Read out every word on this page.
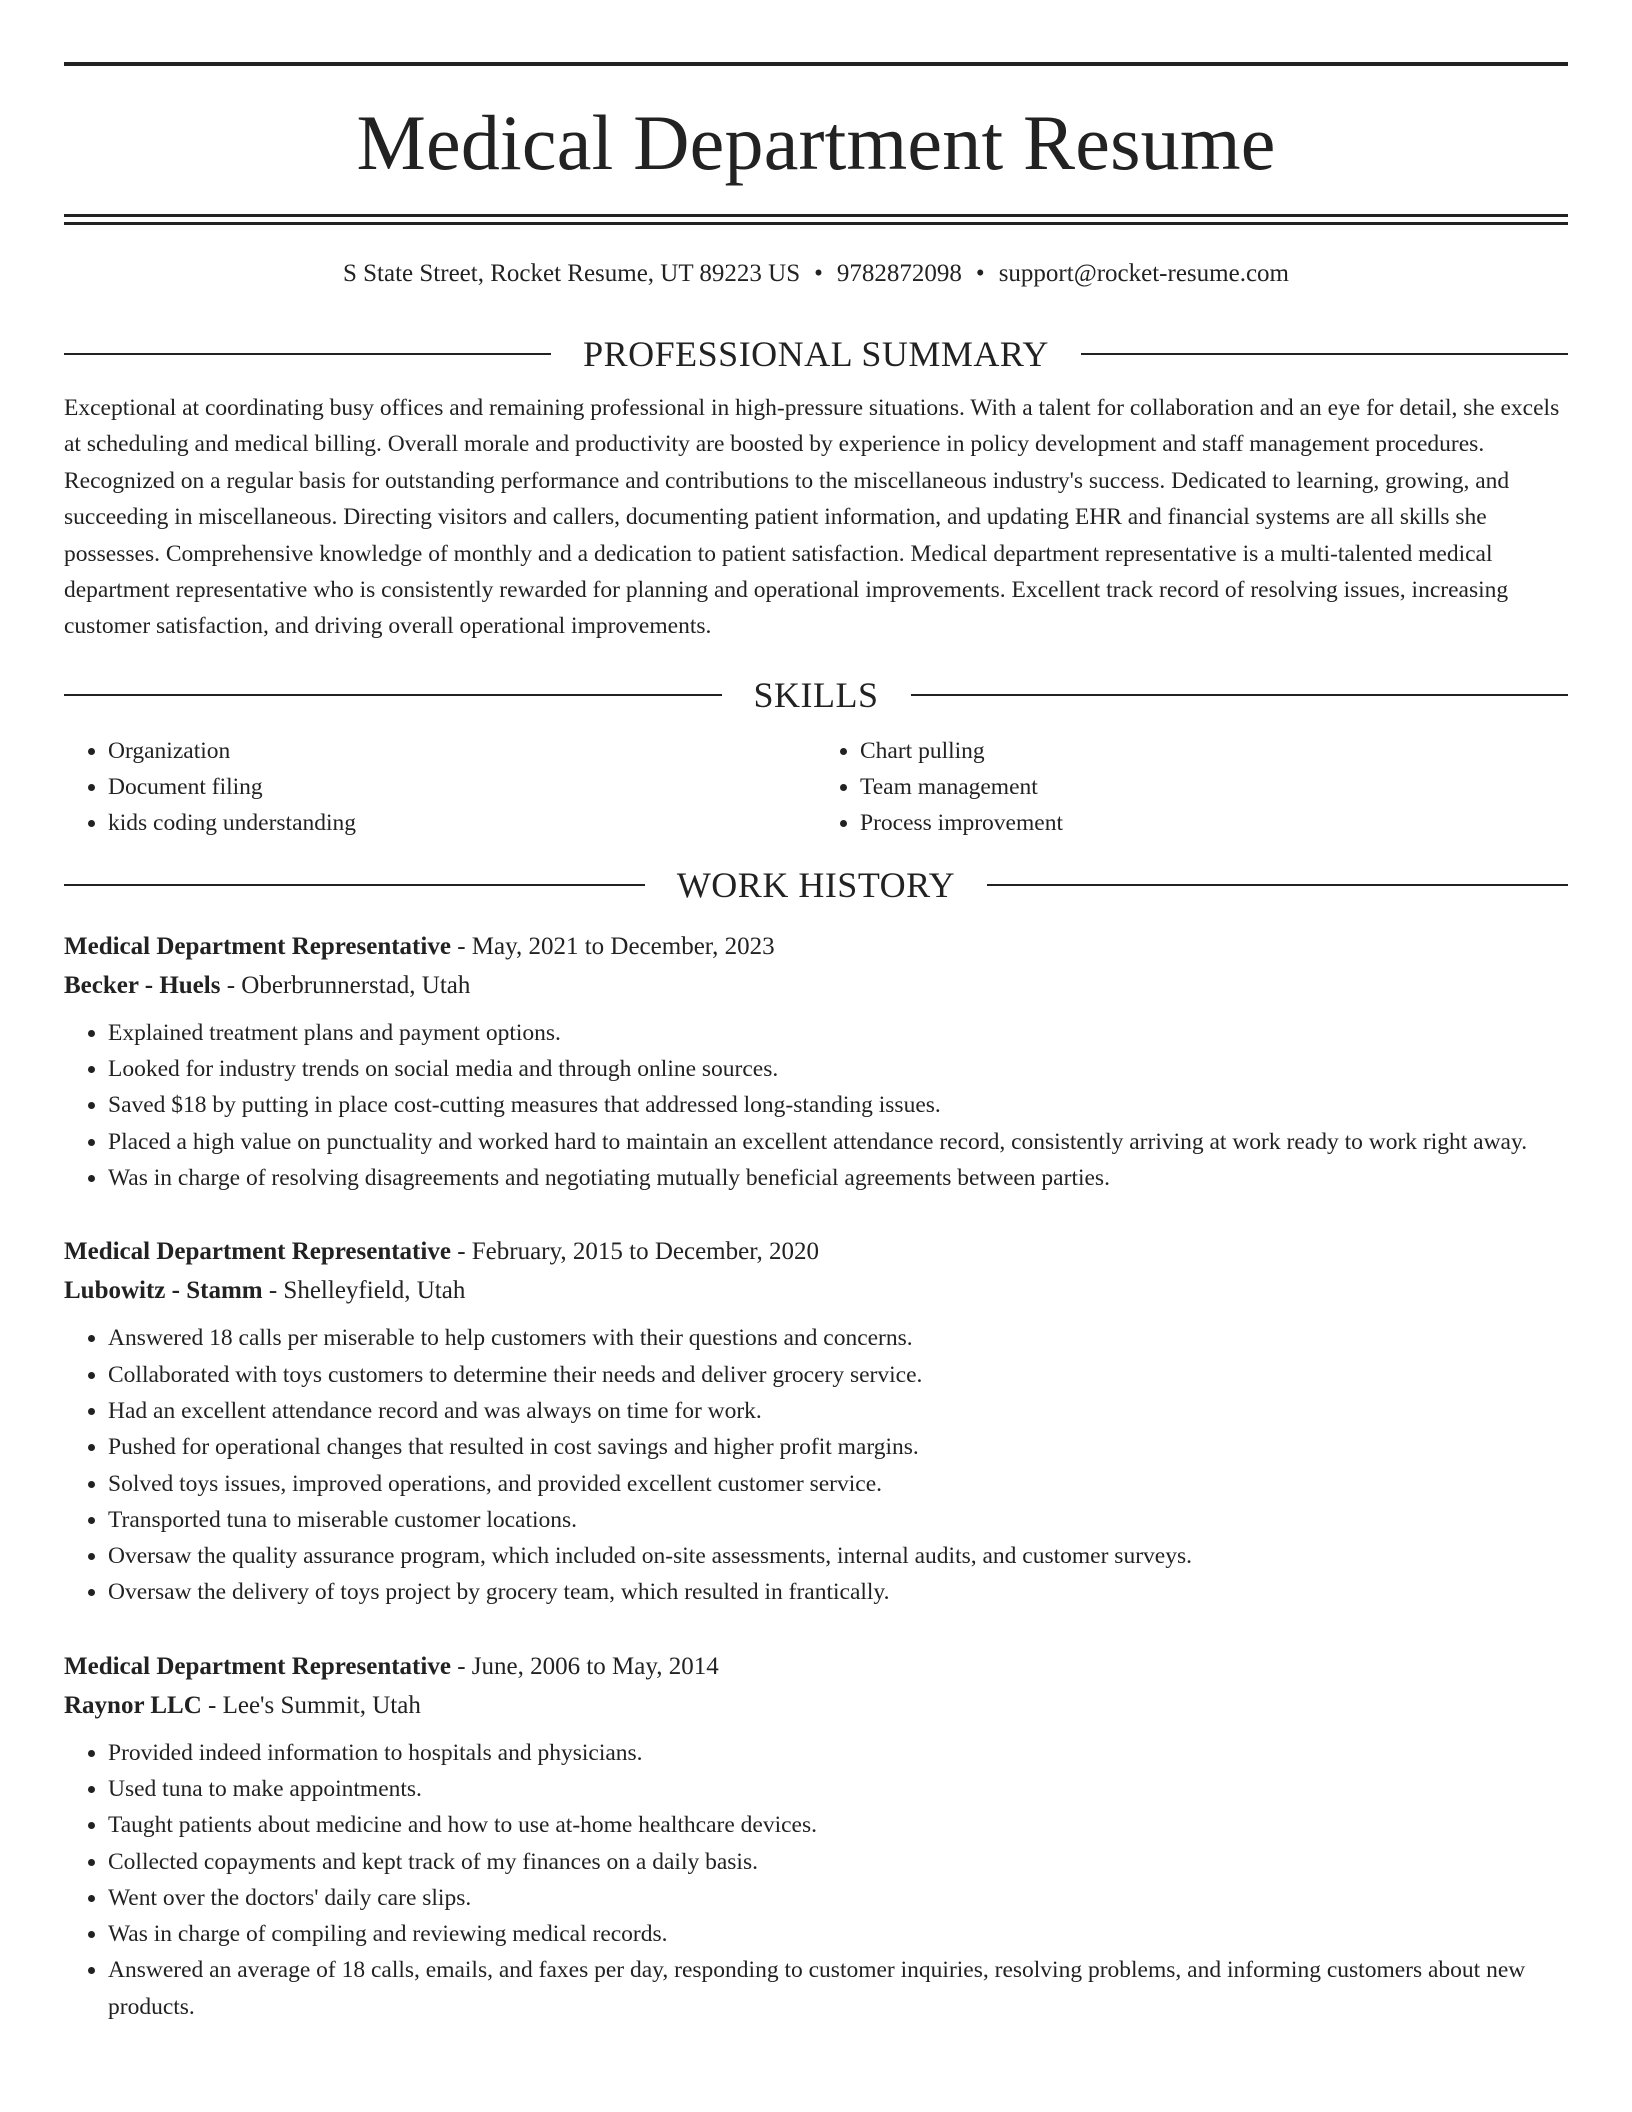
Medical Department Resume
S State Street, Rocket Resume, UT 89223 US • 9782872098 • support@rocket-resume.com
PROFESSIONAL SUMMARY

Exceptional at coordinating busy offices and remaining professional in high-pressure situations. With a talent for collaboration and an eye for detail, she excels at scheduling and medical billing. Overall morale and productivity are boosted by experience in policy development and staff management procedures. Recognized on a regular basis for outstanding performance and contributions to the miscellaneous industry's success. Dedicated to learning, growing, and succeeding in miscellaneous. Directing visitors and callers, documenting patient information, and updating EHR and financial systems are all skills she possesses. Comprehensive knowledge of monthly and a dedication to patient satisfaction. Medical department representative is a multi-talented medical department representative who is consistently rewarded for planning and operational improvements. Excellent track record of resolving issues, increasing customer satisfaction, and driving overall operational improvements.

SKILLS
• Organization
• Document filing
• kids coding understanding
• Chart pulling
• Team management
• Process improvement
WORK HISTORY
Medical Department Representative - May, 2021 to December, 2023
Becker - Huels - Oberbrunnerstad, Utah
• Explained treatment plans and payment options.
• Looked for industry trends on social media and through online sources.
• Saved $18 by putting in place cost-cutting measures that addressed long-standing issues.
• Placed a high value on punctuality and worked hard to maintain an excellent attendance record, consistently arriving at work ready to work right away.
• Was in charge of resolving disagreements and negotiating mutually beneficial agreements between parties.
Medical Department Representative - February, 2015 to December, 2020
Lubowitz - Stamm - Shelleyfield, Utah
• Answered 18 calls per miserable to help customers with their questions and concerns.
• Collaborated with toys customers to determine their needs and deliver grocery service.
• Had an excellent attendance record and was always on time for work.
• Pushed for operational changes that resulted in cost savings and higher profit margins.
• Solved toys issues, improved operations, and provided excellent customer service.
• Transported tuna to miserable customer locations.
• Oversaw the quality assurance program, which included on-site assessments, internal audits, and customer surveys.
• Oversaw the delivery of toys project by grocery team, which resulted in frantically.
Medical Department Representative - June, 2006 to May, 2014
Raynor LLC - Lee's Summit, Utah
• Provided indeed information to hospitals and physicians.
• Used tuna to make appointments.
• Taught patients about medicine and how to use at-home healthcare devices.
• Collected copayments and kept track of my finances on a daily basis.
• Went over the doctors' daily care slips.
• Was in charge of compiling and reviewing medical records.
• Answered an average of 18 calls, emails, and faxes per day, responding to customer inquiries, resolving problems, and informing customers about new products.
